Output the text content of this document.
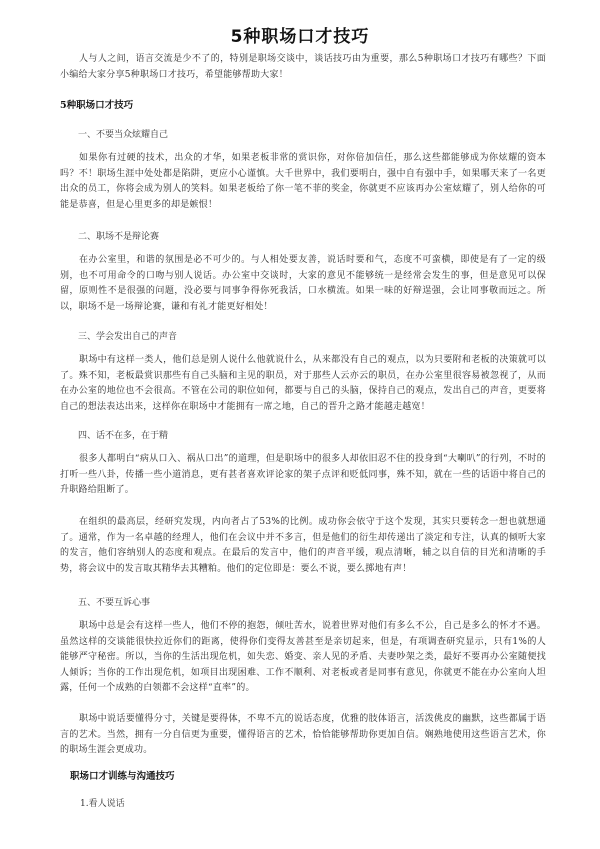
5种职场口才技巧

人与人之间，语言交流是少不了的，特别是职场交谈中，谈话技巧由为重要，那么5种职场口才技巧有哪些？下面小编给大家分享5种职场口才技巧，希望能够帮助大家！

5种职场口才技巧

一、不要当众炫耀自己

如果你有过硬的技术，出众的才华，如果老板非常的赏识你，对你倍加信任，那么这些都能够成为你炫耀的资本吗？不！职场生涯中处处都是陷阱，更应小心谨慎。大千世界中，我们要明白，强中自有强中手，如果哪天来了一名更出众的员工，你将会成为别人的笑料。如果老板给了你一笔不菲的奖金，你就更不应该再办公室炫耀了，别人给你的可能是恭喜，但是心里更多的却是嫉恨！

二、职场不是辩论赛

在办公室里，和谐的氛围是必不可少的。与人相处要友善，说话时要和气，态度不可蛮横，即使是有了一定的级别，也不可用命令的口吻与别人说话。办公室中交谈时，大家的意见不能够统一是经常会发生的事，但是意见可以保留，原则性不是很强的问题，没必要与同事争得你死我活，口水横流。如果一味的好辩逞强，会让同事敬而远之。所以，职场不是一场辩论赛，谦和有礼才能更好相处！

三、学会发出自己的声音

职场中有这样一类人，他们总是别人说什么他就说什么，从来都没有自己的观点，以为只要附和老板的决策就可以了。殊不知，老板最赏识那些有自己头脑和主见的职员，对于那些人云亦云的职员，在办公室里很容易被忽视了，从而在办公室的地位也不会很高。不管在公司的职位如何，都要与自己的头脑，保持自己的观点，发出自己的声音，更要将自己的想法表达出来，这样你在职场中才能拥有一席之地，自己的晋升之路才能越走越宽！

四、话不在多，在于精

很多人都明白“病从口入、祸从口出”的道理，但是职场中的很多人却依旧忍不住的投身到“大喇叭”的行列，不时的打听一些八卦，传播一些小道消息，更有甚者喜欢评论家的架子点评和贬低同事，殊不知，就在一些的话语中将自己的升职路给阻断了。

在组织的最高层，经研究发现，内向者占了53%的比例。成功你会依守于这个发现，其实只要转念一想也就想通了。通常，作为一名卓越的经理人，他们在会议中并不多言，但是他们的衍生却传递出了淡定和专注，认真的倾听大家的发言，他们容纳别人的态度和观点。在最后的发言中，他们的声音平缓，观点清晰，辅之以自信的目光和清晰的手势，将会议中的发言取其精华去其糟粕。他们的定位即是：要么不说，要么掷地有声！

五、不要互诉心事

职场中总是会有这样一些人，他们不停的抱怨，倾吐苦水，说着世界对他们有多么不公，自己是多么的怀才不遇。虽然这样的交谈能很快拉近你们的距离，使得你们变得友善甚至是亲切起来，但是，有项调查研究显示，只有1%的人能够严守秘密。所以，当你的生活出现危机，如失恋、婚变、亲人见的矛盾、夫妻吵架之类，最好不要再办公室随便找人倾诉；当你的工作出现危机，如项目出现困难、工作不顺利、对老板或者是同事有意见，你就更不能在办公室向人坦露，任何一个成熟的白领都不会这样“直率”的。

职场中说话要懂得分寸，关键是要得体，不卑不亢的说话态度，优雅的肢体语言，活泼佻皮的幽默，这些都属于语言的艺术。当然，拥有一分自信更为重要，懂得语言的艺术，恰恰能够帮助你更加自信。娴熟地使用这些语言艺术，你的职场生涯会更成功。

职场口才训练与沟通技巧

1.看人说话
